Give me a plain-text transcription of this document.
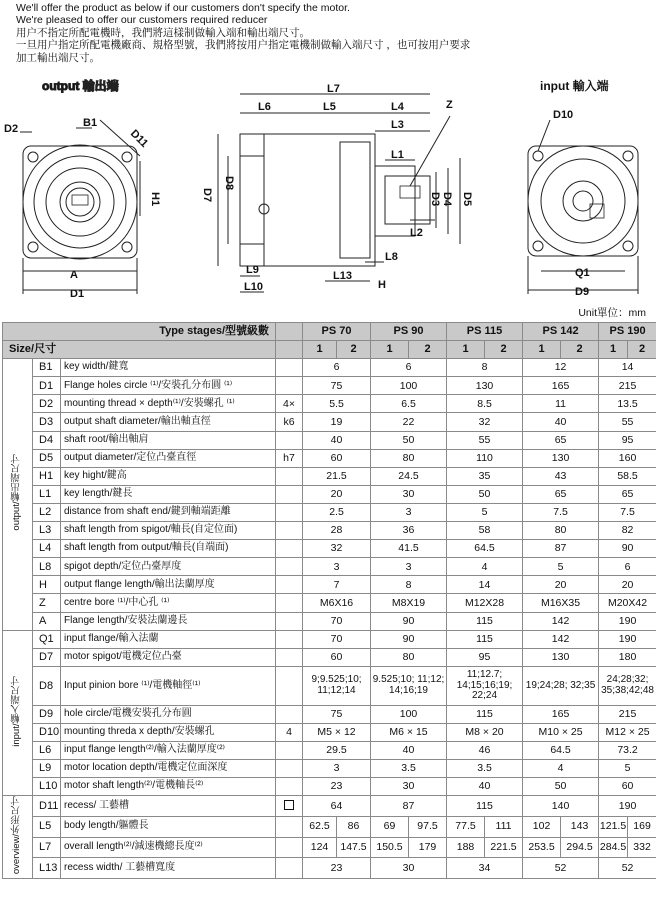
We'll offer the product as below if our customers don't specify the motor.
We're pleased to offer our customers required reducer
用户不指定所配電機時，我們將這樣制做輸入端和輸出端尺寸。
一旦用户指定所配電機廠商、規格型號，我們將按用户指定電機制做輸入端尺寸 ，也可按用户要求
加工輸出端尺寸。
output 輸出端
D2	B1
D11
H1
A
D1
L7
L6	L5	L4
L3
Z
L1
D8
D7	D3 D4 D5
L2
L8
L9
L10
L13
H
input 輸入端
D10
Q1
D9
Unit單位：mm
Type stages/型號級數				PS 70		PS 90		PS 115		PS 142		PS 190	
Size/尺寸				1	2	1	2	1	2	1	2	1	2
output/輸出端尺寸	B1	key width/鍵寬		6		6		8		12		14	
	D1	Flange holes circle ⁽¹⁾/安裝孔分布圓 ⁽¹⁾		75		100		130		165		215	
	D2	mounting thread × depth⁽¹⁾/安裝螺孔 ⁽¹⁾	4×	5.5		6.5		8.5		11		13.5	
	D3	output shaft diameter/輸出軸直徑	k6	19		22		32		40		55	
	D4	shaft root/輸出軸肩		40		50		55		65		95	
	D5	output diameter/定位凸臺直徑	h7	60		80		110		130		160	
	H1	key hight/鍵高		21.5		24.5		35		43		58.5	
	L1	key length/鍵長		20		30		50		65		65	
	L2	distance from shaft end/鍵到軸端距離		2.5		3		5		7.5		7.5	
	L3	shaft length from spigot/軸長(自定位面)		28		36		58		80		82	
	L4	shaft length from output/軸長(自端面)		32		41.5		64.5		87		90	
	L8	spigot depth/定位凸臺厚度		3		3		4		5		6	
	H	output flange length/輸出法蘭厚度		7		8		14		20		20	
	Z	centre bore ⁽¹⁾/中心孔 ⁽¹⁾		M6X16		M8X19		M12X28		M16X35		M20X42	
	A	Flange length/安裝法蘭邊長		70		90		115		142		190	
input/輸入端尺寸	Q1	input flange/輸入法蘭		70		90		115		142		190	
	D7	motor spigot/電機定位凸臺		60		80		95		130		180	
	D8	Input pinion bore ⁽¹⁾/電機軸徑⁽¹⁾		9;9.525;10; 11;12;14		9.525;10; 11;12; 14;16;19		11;12.7; 14;15;16;19; 22;24		19;24;28; 32;35		24;28;32; 35;38;42;48	
	D9	hole circle/電機安裝孔分布圓		75		100		115		165		215	
	D10	mounting threda x depth/安裝螺孔	4	M5 × 12		M6 × 15		M8 × 20		M10 × 25		M12 × 25	
	L6	input flange length⁽²⁾/輸入法蘭厚度⁽²⁾		29.5		40		46		64.5		73.2	
	L9	motor location depth/電機定位面深度		3		3.5		3.5		4		5	
	L10	motor shaft length⁽²⁾/電機軸長⁽²⁾		23		30		40		50		60	
overview/外形尺寸	D11	recess/ 工藝槽		64		87		115		140		190	
	L5	body length/軀體長		62.5	86	69	97.5	77.5	111	102	143	121.5	169
	L7	overall length⁽²⁾/減速機總長度⁽²⁾		124	147.5	150.5	179	188	221.5	253.5	294.5	284.5	332
	L13	recess width/ 工藝槽寬度		23		30		34		52		52	
